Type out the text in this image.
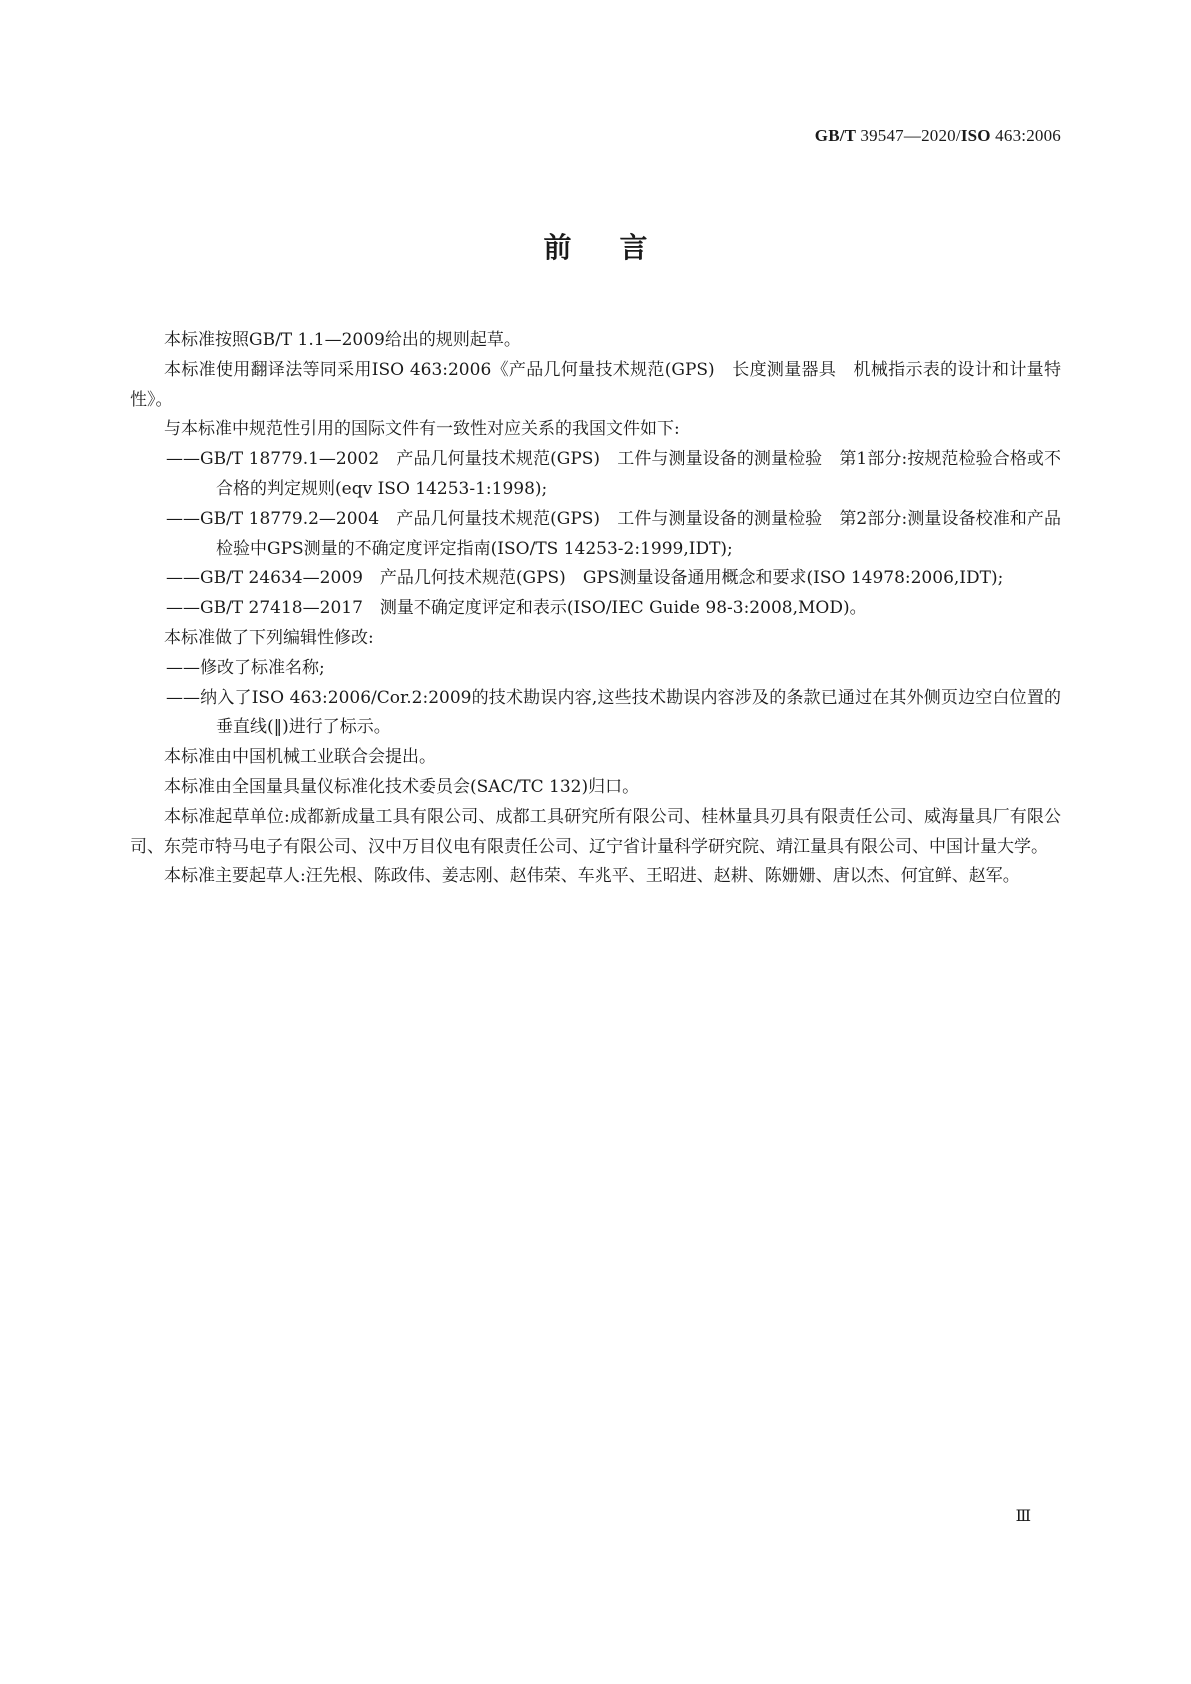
GB/T 39547—2020/ISO 463:2006
前言

本标准按照GB/T 1.1—2009给出的规则起草。

本标准使用翻译法等同采用ISO 463:2006《产品几何量技术规范(GPS)　长度测量器具　机械指示表的设计和计量特性》。

与本标准中规范性引用的国际文件有一致性对应关系的我国文件如下:

——GB/T 18779.1—2002　产品几何量技术规范(GPS)　工件与测量设备的测量检验　第1部分:按规范检验合格或不合格的判定规则(eqv ISO 14253-1:1998);

——GB/T 18779.2—2004　产品几何量技术规范(GPS)　工件与测量设备的测量检验　第2部分:测量设备校准和产品检验中GPS测量的不确定度评定指南(ISO/TS 14253-2:1999,IDT);

——GB/T 24634—2009　产品几何技术规范(GPS)　GPS测量设备通用概念和要求(ISO 14978:2006,IDT);

——GB/T 27418—2017　测量不确定度评定和表示(ISO/IEC Guide 98-3:2008,MOD)。

本标准做了下列编辑性修改:

——修改了标准名称;

——纳入了ISO 463:2006/Cor.2:2009的技术勘误内容,这些技术勘误内容涉及的条款已通过在其外侧页边空白位置的垂直线(‖)进行了标示。

本标准由中国机械工业联合会提出。

本标准由全国量具量仪标准化技术委员会(SAC/TC 132)归口。

本标准起草单位:成都新成量工具有限公司、成都工具研究所有限公司、桂林量具刃具有限责任公司、威海量具厂有限公司、东莞市特马电子有限公司、汉中万目仪电有限责任公司、辽宁省计量科学研究院、靖江量具有限公司、中国计量大学。

本标准主要起草人:汪先根、陈政伟、姜志刚、赵伟荣、车兆平、王昭进、赵耕、陈姗姗、唐以杰、何宜鲜、赵军。

Ⅲ
